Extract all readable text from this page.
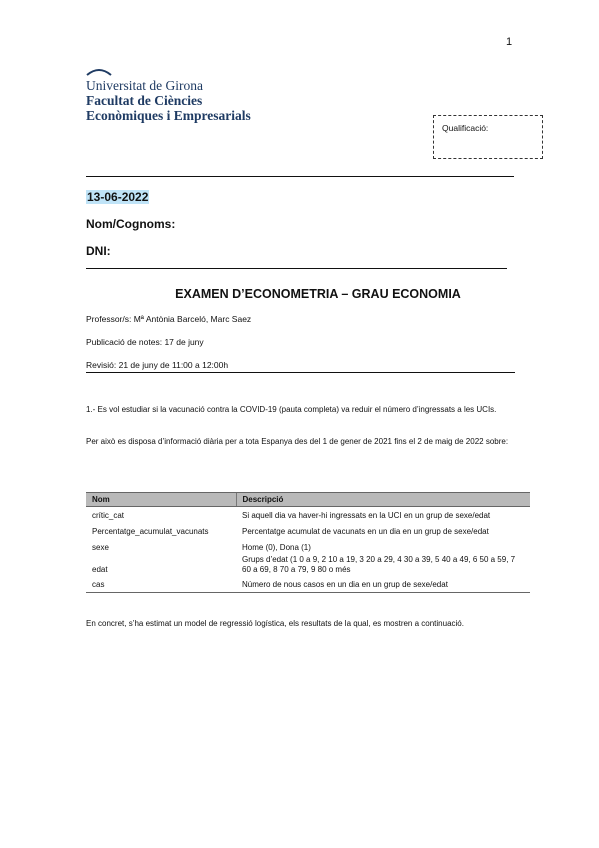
1
Universitat de Girona
Facultat de Ciències
Econòmiques i Empresarials
Qualificació:
13-06-2022
Nom/Cognoms:
DNI:
EXAMEN D’ECONOMETRIA – GRAU ECONOMIA
Professor/s: Mª Antònia Barceló, Marc Saez
Publicació de notes: 17 de juny
Revisió: 21 de juny de 11:00 a 12:00h
1.- Es vol estudiar si la vacunació contra la COVID-19 (pauta completa) va reduir el número d’ingressats a les UCIs.
Per això es disposa d’informació diària per a tota Espanya des del 1 de gener de 2021 fins el 2 de maig de 2022 sobre:
Nom	Descripció
crític_cat	Si aquell dia va haver-hi ingressats en la UCI en un grup de sexe/edat
Percentatge_acumulat_vacunats	Percentatge acumulat de vacunats en un dia en un grup de sexe/edat
sexe	Home (0), Dona (1)
edat	Grups d’edat (1 0 a 9, 2 10 a 19, 3 20 a 29, 4 30 a 39, 5 40 a 49, 6 50 a 59, 7 60 a 69, 8 70 a 79, 9 80 o més
cas	Número de nous casos en un dia en un grup de sexe/edat
En concret, s’ha estimat un model de regressió logística, els resultats de la qual, es mostren a continuació.
